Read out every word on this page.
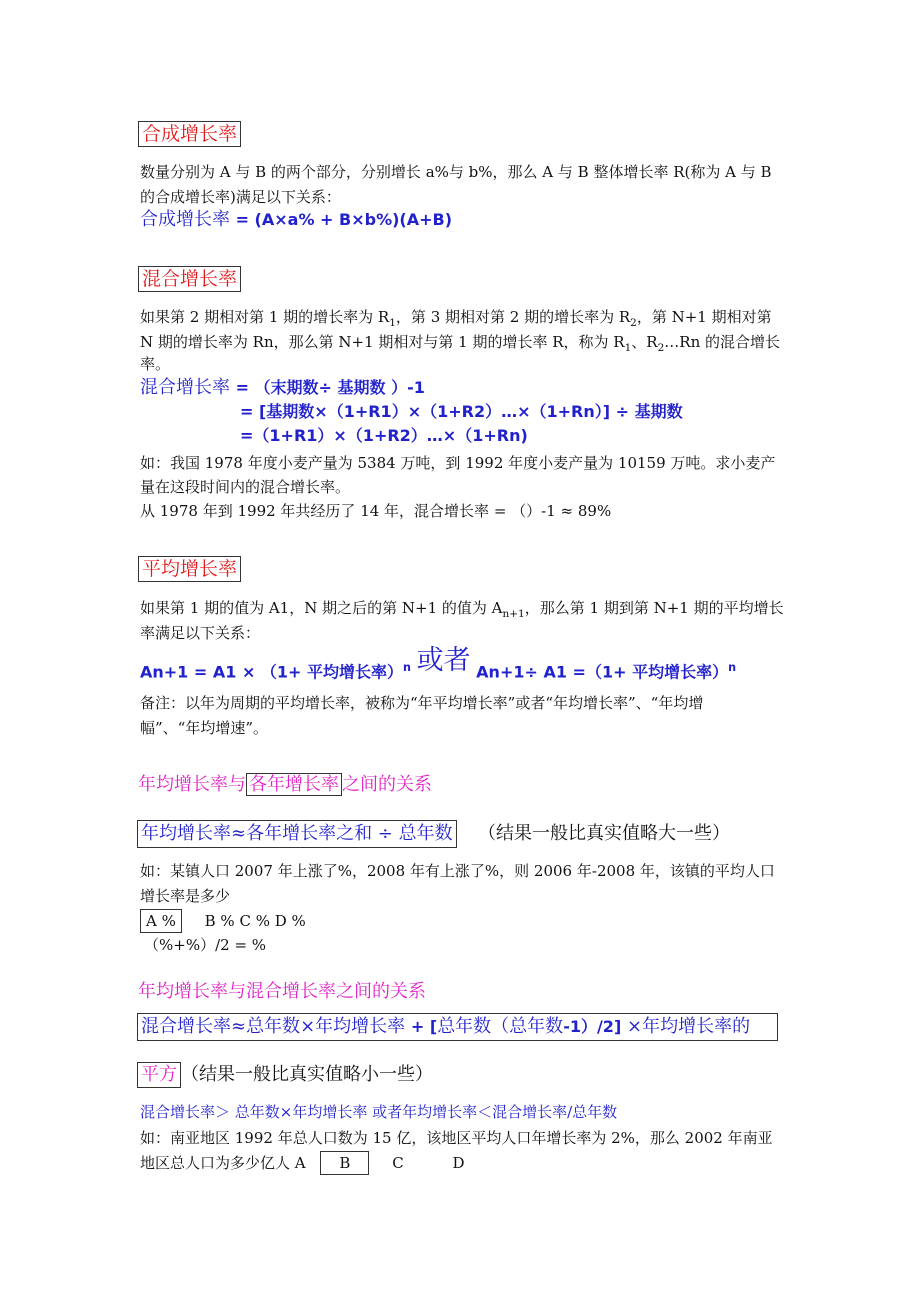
合成增长率
数量分别为 A 与 B 的两个部分，分别增长 a%与 b%，那么 A 与 B 整体增长率 R(称为 A 与 B
的合成增长率)满足以下关系：
合成增长率 = (A×a% + B×b%)(A+B)
混合增长率
如果第 2 期相对第 1 期的增长率为 $R_1$，第 3 期相对第 2 期的增长率为 $R_2$，第 N+1 期相对第
N 期的增长率为 Rn，那么第 N+1 期相对与第 1 期的增长率 R，称为 $R_1$、$R_2\dots Rn$ 的混合增长
率。
混合增长率 = （末期数÷ 基期数 ）-1
= [基期数×（1+R1）×（1+R2）…×（1+Rn）] ÷ 基期数
=（1+R1）×（1+R2）…×（1+Rn)
如：我国 1978 年度小麦产量为 5384 万吨，到 1992 年度小麦产量为 10159 万吨。求小麦产
量在这段时间内的混合增长率。
从 1978 年到 1992 年共经历了 14 年，混合增长率 = （）-1 ≈ 89%
平均增长率
如果第 1 期的值为 A1，N 期之后的第 N+1 的值为 $A_{n+1}$，那么第 1 期到第 N+1 期的平均增长
率满足以下关系：
An+1 = A1 × （1+ 平均增长率）$^n$ 或者 An+1÷ A1 =（1+ 平均增长率）$^n$
备注：以年为周期的平均增长率，被称为“年平均增长率”或者“年均增长率”、“年均增
幅”、“年均增速”。
年均增长率与 各年增长率 之间的关系
年均增长率≈各年增长率之和 ÷ 总年数 （结果一般比真实值略大一些）
如：某镇人口 2007 年上涨了%，2008 年有上涨了%，则 2006 年-2008 年，该镇的平均人口
增长率是多少
A % B % C % D %
（%+%）/2 = %
年均增长率与混合增长率之间的关系
混合增长率≈总年数×年均增长率 + [总年数（总年数-1）/2] ×年均增长率的
平方 （结果一般比真实值略小一些）
混合增长率＞ 总年数×年均增长率 或者年均增长率＜混合增长率/总年数
如：南亚地区 1992 年总人口数为 15 亿，该地区平均人口年增长率为 2%，那么 2002 年南亚
地区总人口为多少亿人 A B	C	D
